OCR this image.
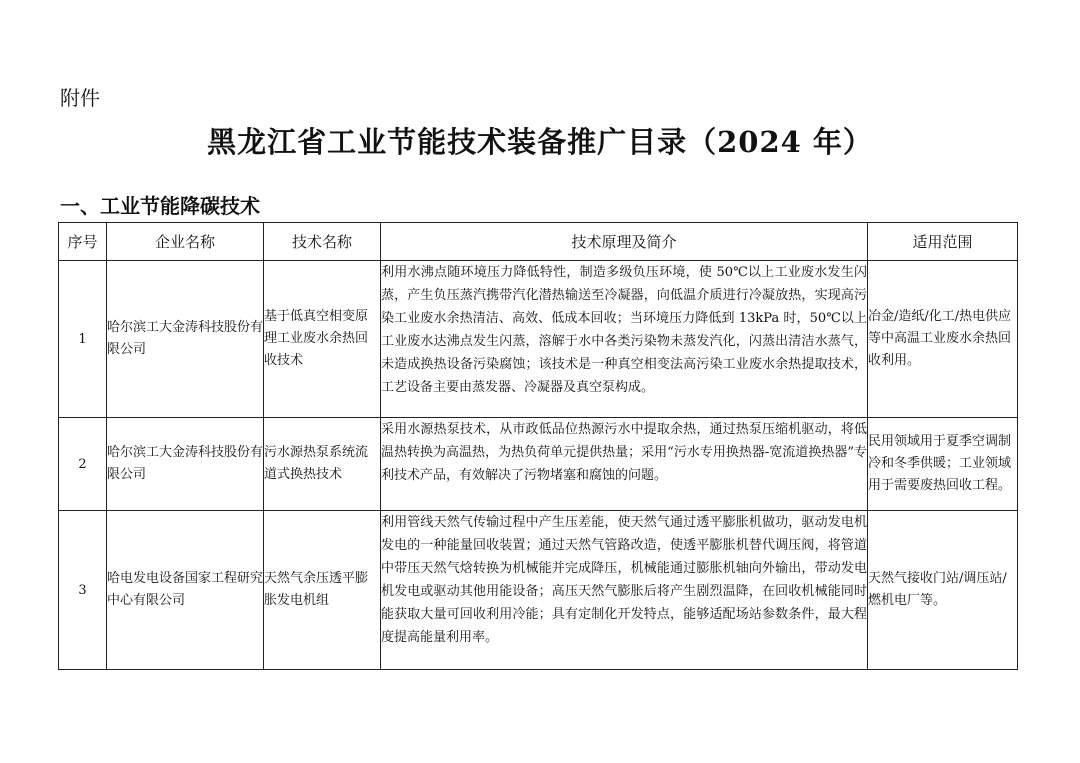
附件
黑龙江省工业节能技术装备推广目录（2024 年）
一、工业节能降碳技术
序号	企业名称	技术名称	技术原理及简介	适用范围
1	哈尔滨工大金涛科技股份有限公司	基于低真空相变原理工业废水余热回收技术	利用水沸点随环境压力降低特性，制造多级负压环境，使 50℃以上工业废水发生闪蒸，产生负压蒸汽携带汽化潜热输送至冷凝器，向低温介质进行冷凝放热，实现高污染工业废水余热清洁、高效、低成本回收；当环境压力降低到 13kPa 时，50℃以上工业废水达沸点发生闪蒸，溶解于水中各类污染物未蒸发汽化，闪蒸出清洁水蒸气，未造成换热设备污染腐蚀；该技术是一种真空相变法高污染工业废水余热提取技术，工艺设备主要由蒸发器、冷凝器及真空泵构成。	冶金/造纸/化工/热电供应等中高温工业废水余热回收利用。
2	哈尔滨工大金涛科技股份有限公司	污水源热泵系统流道式换热技术	采用水源热泵技术，从市政低品位热源污水中提取余热，通过热泵压缩机驱动，将低温热转换为高温热，为热负荷单元提供热量；采用“污水专用换热器-宽流道换热器”专利技术产品，有效解决了污物堵塞和腐蚀的问题。	民用领域用于夏季空调制冷和冬季供暖；工业领域用于需要废热回收工程。
3	哈电发电设备国家工程研究中心有限公司	天然气余压透平膨胀发电机组	利用管线天然气传输过程中产生压差能，使天然气通过透平膨胀机做功，驱动发电机发电的一种能量回收装置；通过天然气管路改造，使透平膨胀机替代调压阀，将管道中带压天然气焓转换为机械能并完成降压，机械能通过膨胀机轴向外输出，带动发电机发电或驱动其他用能设备；高压天然气膨胀后将产生剧烈温降，在回收机械能同时能获取大量可回收利用冷能；具有定制化开发特点，能够适配场站参数条件，最大程度提高能量利用率。	天然气接收门站/调压站/燃机电厂等。
